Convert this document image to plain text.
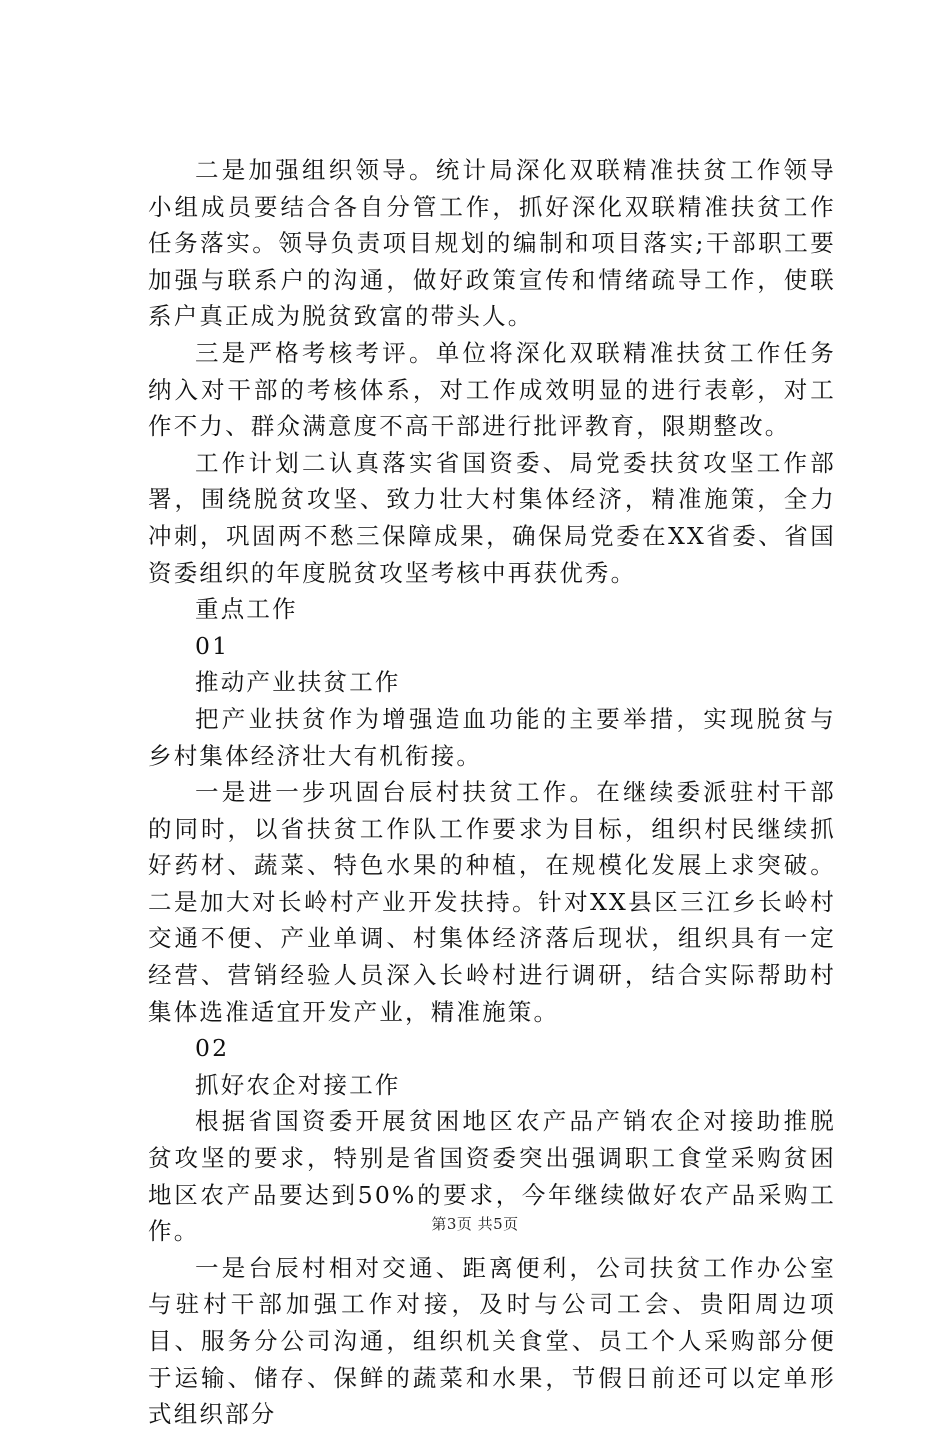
二是加强组织领导。统计局深化双联精准扶贫工作领导小组成员要结合各自分管工作，抓好深化双联精准扶贫工作任务落实。领导负责项目规划的编制和项目落实;干部职工要加强与联系户的沟通，做好政策宣传和情绪疏导工作，使联系户真正成为脱贫致富的带头人。

三是严格考核考评。单位将深化双联精准扶贫工作任务纳入对干部的考核体系，对工作成效明显的进行表彰，对工作不力、群众满意度不高干部进行批评教育，限期整改。

工作计划二认真落实省国资委、局党委扶贫攻坚工作部署，围绕脱贫攻坚、致力壮大村集体经济，精准施策，全力冲刺，巩固两不愁三保障成果，确保局党委在XX省委、省国资委组织的年度脱贫攻坚考核中再获优秀。

重点工作

01

推动产业扶贫工作

把产业扶贫作为增强造血功能的主要举措，实现脱贫与乡村集体经济壮大有机衔接。

一是进一步巩固台辰村扶贫工作。在继续委派驻村干部的同时，以省扶贫工作队工作要求为目标，组织村民继续抓好药材、蔬菜、特色水果的种植，在规模化发展上求突破。二是加大对长岭村产业开发扶持。针对XX县区三江乡长岭村交通不便、产业单调、村集体经济落后现状，组织具有一定经营、营销经验人员深入长岭村进行调研，结合实际帮助村集体选准适宜开发产业，精准施策。

02

抓好农企对接工作

根据省国资委开展贫困地区农产品产销农企对接助推脱贫攻坚的要求，特别是省国资委突出强调职工食堂采购贫困地区农产品要达到50%的要求，今年继续做好农产品采购工作。

一是台辰村相对交通、距离便利，公司扶贫工作办公室与驻村干部加强工作对接，及时与公司工会、贵阳周边项目、服务分公司沟通，组织机关食堂、员工个人采购部分便于运输、储存、保鲜的蔬菜和水果，节假日前还可以定单形式组织部分

第3页 共5页
